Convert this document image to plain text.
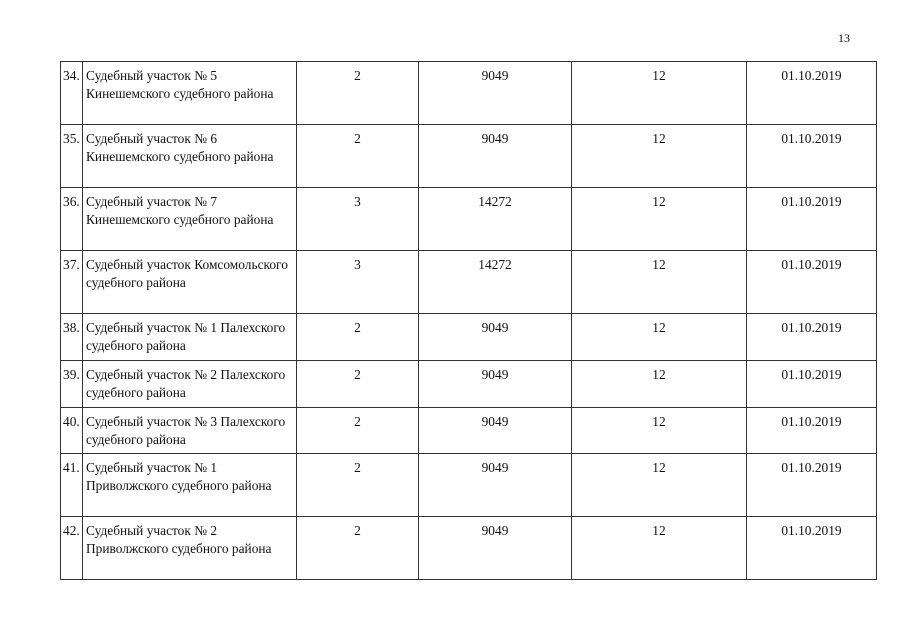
13
34.	Судебный участок № 5 Кинешемского судебного района	2	9049	12	01.10.2019
35.	Судебный участок № 6 Кинешемского судебного района	2	9049	12	01.10.2019
36.	Судебный участок № 7 Кинешемского судебного района	3	14272	12	01.10.2019
37.	Судебный участок Комсомольского судебного района	3	14272	12	01.10.2019
38.	Судебный участок № 1 Палехского судебного района	2	9049	12	01.10.2019
39.	Судебный участок № 2 Палехского судебного района	2	9049	12	01.10.2019
40.	Судебный участок № 3 Палехского судебного района	2	9049	12	01.10.2019
41.	Судебный участок № 1 Приволжского судебного района	2	9049	12	01.10.2019
42.	Судебный участок № 2 Приволжского судебного района	2	9049	12	01.10.2019
